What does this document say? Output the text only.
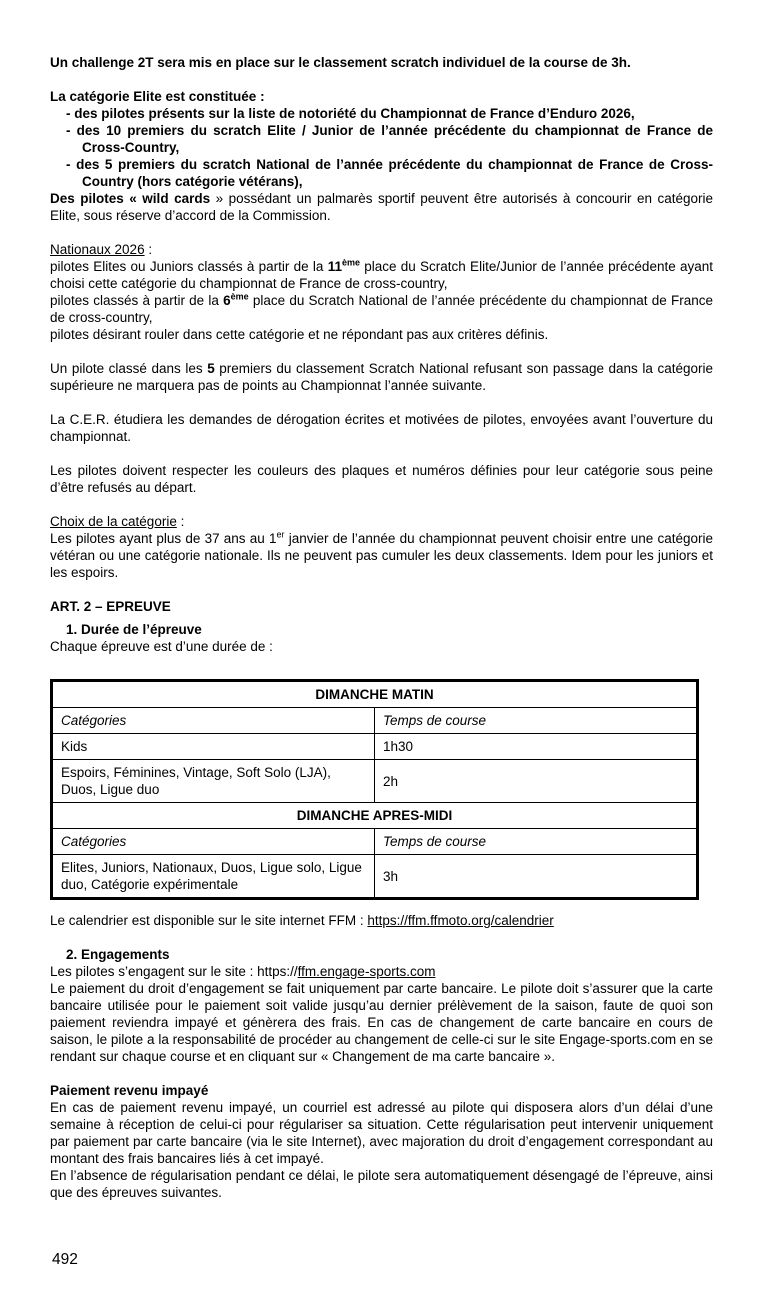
Un challenge 2T sera mis en place sur le classement scratch individuel de la course de 3h.

La catégorie Elite est constituée :

- des pilotes présents sur la liste de notoriété du Championnat de France d’Enduro 2026,
- des 10 premiers du scratch Elite / Junior de l’année précédente du championnat de France de Cross-Country,
- des 5 premiers du scratch National de l’année précédente du championnat de France de Cross-Country (hors catégorie vétérans),

Des pilotes « wild cards » possédant un palmarès sportif peuvent être autorisés à concourir en catégorie Elite, sous réserve d’accord de la Commission.

Nationaux 2026 :

pilotes Elites ou Juniors classés à partir de la 11ème place du Scratch Elite/Junior de l’année précédente ayant choisi cette catégorie du championnat de France de cross-country,

pilotes classés à partir de la 6ème place du Scratch National de l’année précédente du championnat de France de cross-country,

pilotes désirant rouler dans cette catégorie et ne répondant pas aux critères définis.

Un pilote classé dans les 5 premiers du classement Scratch National refusant son passage dans la catégorie supérieure ne marquera pas de points au Championnat l’année suivante.

La C.E.R. étudiera les demandes de dérogation écrites et motivées de pilotes, envoyées avant l’ouverture du championnat.

Les pilotes doivent respecter les couleurs des plaques et numéros définies pour leur catégorie sous peine d’être refusés au départ.

Choix de la catégorie :

Les pilotes ayant plus de 37 ans au 1er janvier de l’année du championnat peuvent choisir entre une catégorie vétéran ou une catégorie nationale. Ils ne peuvent pas cumuler les deux classements. Idem pour les juniors et les espoirs.

ART. 2 – EPREUVE

1. Durée de l’épreuve

Chaque épreuve est d’une durée de :

DIMANCHE MATIN	
Catégories	Temps de course
Kids	1h30
Espoirs, Féminines, Vintage, Soft Solo (LJA), Duos, Ligue duo	2h
DIMANCHE APRES-MIDI	
Catégories	Temps de course
Elites, Juniors, Nationaux, Duos, Ligue solo, Ligue duo, Catégorie expérimentale	3h

Le calendrier est disponible sur le site internet FFM : https://ffm.ffmoto.org/calendrier

2. Engagements

Les pilotes s’engagent sur le site : https://ffm.engage-sports.com

Le paiement du droit d’engagement se fait uniquement par carte bancaire. Le pilote doit s’assurer que la carte bancaire utilisée pour le paiement soit valide jusqu’au dernier prélèvement de la saison, faute de quoi son paiement reviendra impayé et génèrera des frais. En cas de changement de carte bancaire en cours de saison, le pilote a la responsabilité de procéder au changement de celle-ci sur le site Engage-sports.com en se rendant sur chaque course et en cliquant sur « Changement de ma carte bancaire ».

Paiement revenu impayé

En cas de paiement revenu impayé, un courriel est adressé au pilote qui disposera alors d’un délai d’une semaine à réception de celui-ci pour régulariser sa situation. Cette régularisation peut intervenir uniquement par paiement par carte bancaire (via le site Internet), avec majoration du droit d’engagement correspondant au montant des frais bancaires liés à cet impayé.

En l’absence de régularisation pendant ce délai, le pilote sera automatiquement désengagé de l’épreuve, ainsi que des épreuves suivantes.

492
